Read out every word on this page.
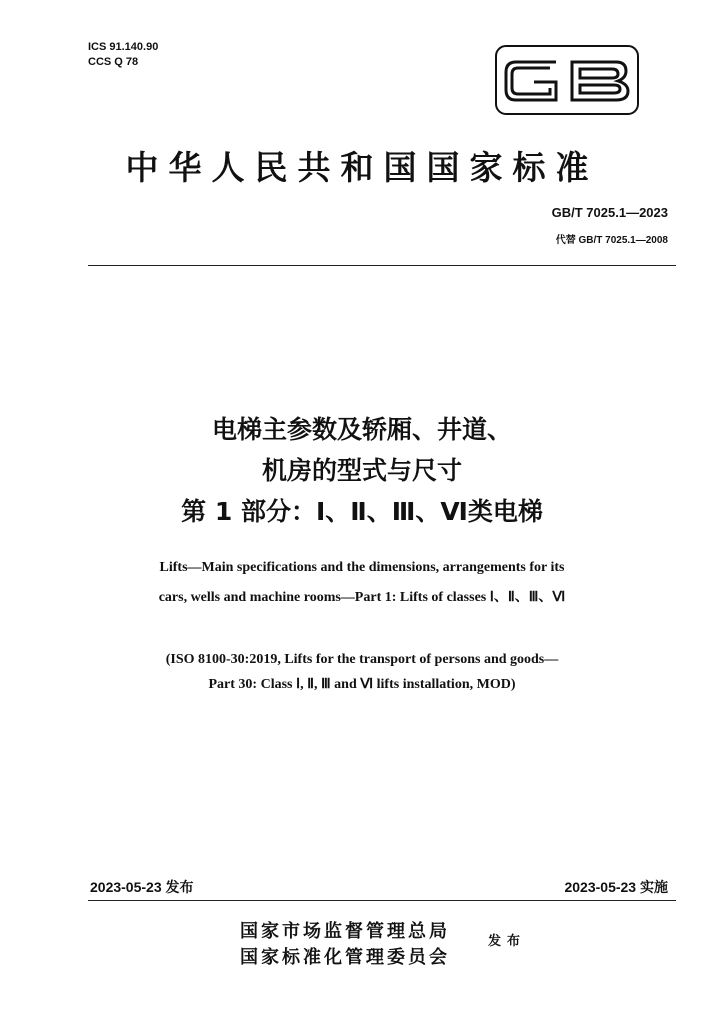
ICS 91.140.90
CCS Q 78
中华人民共和国国家标准
GB/T 7025.1—2023
代替 GB/T 7025.1—2008
电梯主参数及轿厢、井道、
机房的型式与尺寸
第 1 部分：Ⅰ、Ⅱ、Ⅲ、Ⅵ类电梯
Lifts—Main specifications and the dimensions, arrangements for its
cars, wells and machine rooms—Part 1: Lifts of classes Ⅰ、Ⅱ、Ⅲ、Ⅵ
(ISO 8100-30:2019, Lifts for the transport of persons and goods—
Part 30: Class Ⅰ, Ⅱ, Ⅲ and Ⅵ lifts installation, MOD)
2023-05-23 发布	2023-05-23 实施
国家市场监督管理总局
国家标准化管理委员会
发布
